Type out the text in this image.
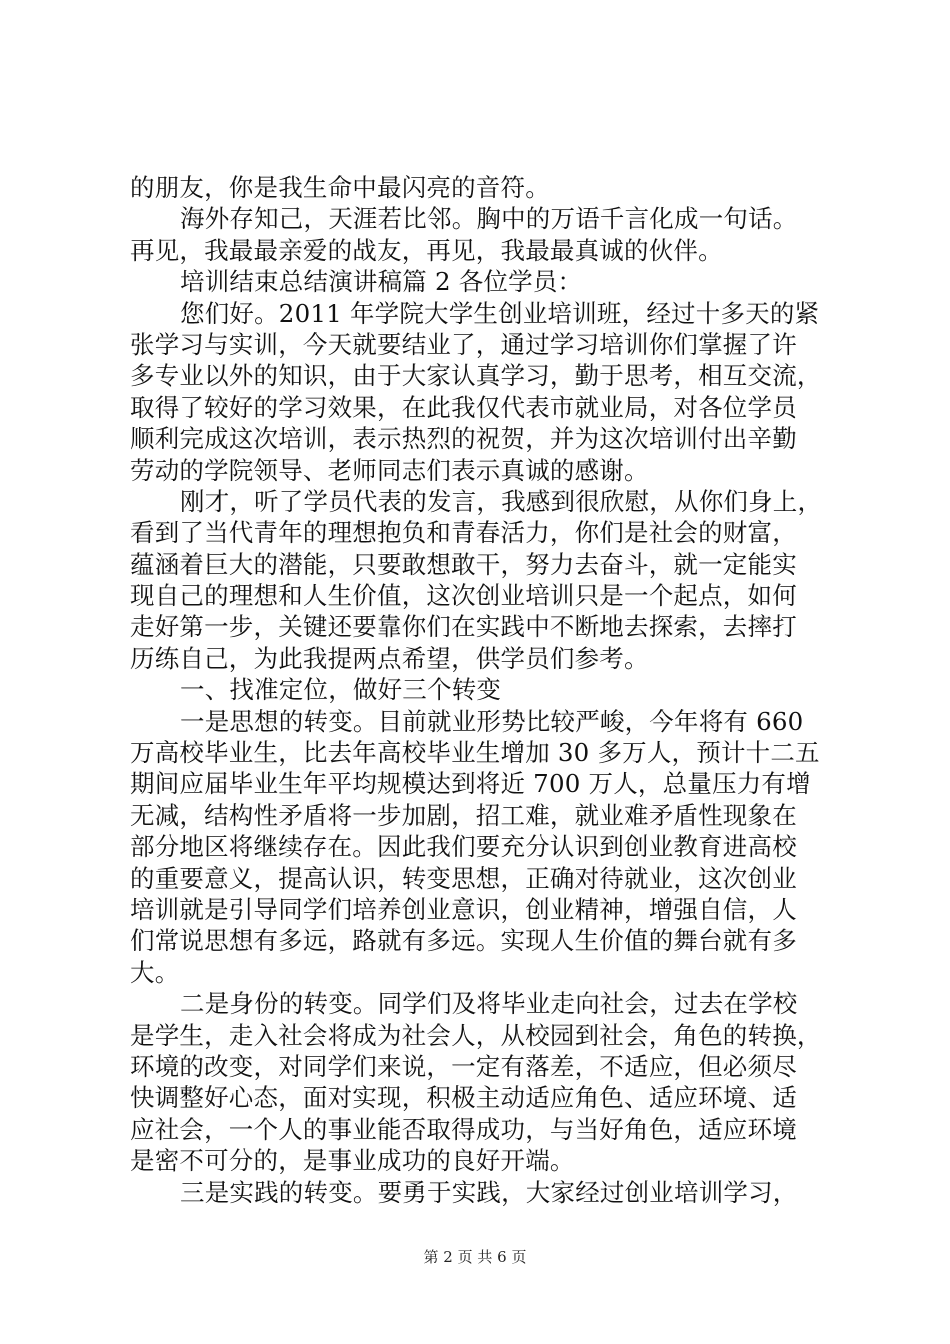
的朋友，你是我生命中最闪亮的音符。
海外存知己，天涯若比邻。胸中的万语千言化成一句话。
再见，我最最亲爱的战友，再见，我最最真诚的伙伴。
培训结束总结演讲稿篇 2 各位学员：
您们好。2011 年学院大学生创业培训班，经过十多天的紧
张学习与实训，今天就要结业了，通过学习培训你们掌握了许
多专业以外的知识，由于大家认真学习，勤于思考，相互交流，
取得了较好的学习效果，在此我仅代表市就业局，对各位学员
顺利完成这次培训，表示热烈的祝贺，并为这次培训付出辛勤
劳动的学院领导、老师同志们表示真诚的感谢。
刚才，听了学员代表的发言，我感到很欣慰，从你们身上，
看到了当代青年的理想抱负和青春活力，你们是社会的财富，
蕴涵着巨大的潜能，只要敢想敢干，努力去奋斗，就一定能实
现自己的理想和人生价值，这次创业培训只是一个起点，如何
走好第一步，关键还要靠你们在实践中不断地去探索，去摔打
历练自己，为此我提两点希望，供学员们参考。
一、找准定位，做好三个转变
一是思想的转变。目前就业形势比较严峻，今年将有 660
万高校毕业生，比去年高校毕业生增加 30 多万人，预计十二五
期间应届毕业生年平均规模达到将近 700 万人，总量压力有增
无减，结构性矛盾将一步加剧，招工难，就业难矛盾性现象在
部分地区将继续存在。因此我们要充分认识到创业教育进高校
的重要意义，提高认识，转变思想，正确对待就业，这次创业
培训就是引导同学们培养创业意识，创业精神，增强自信，人
们常说思想有多远，路就有多远。实现人生价值的舞台就有多
大。
二是身份的转变。同学们及将毕业走向社会，过去在学校
是学生，走入社会将成为社会人，从校园到社会，角色的转换，
环境的改变，对同学们来说，一定有落差，不适应，但必须尽
快调整好心态，面对实现，积极主动适应角色、适应环境、适
应社会，一个人的事业能否取得成功，与当好角色，适应环境
是密不可分的，是事业成功的良好开端。
三是实践的转变。要勇于实践，大家经过创业培训学习，
第 2 页 共 6 页
